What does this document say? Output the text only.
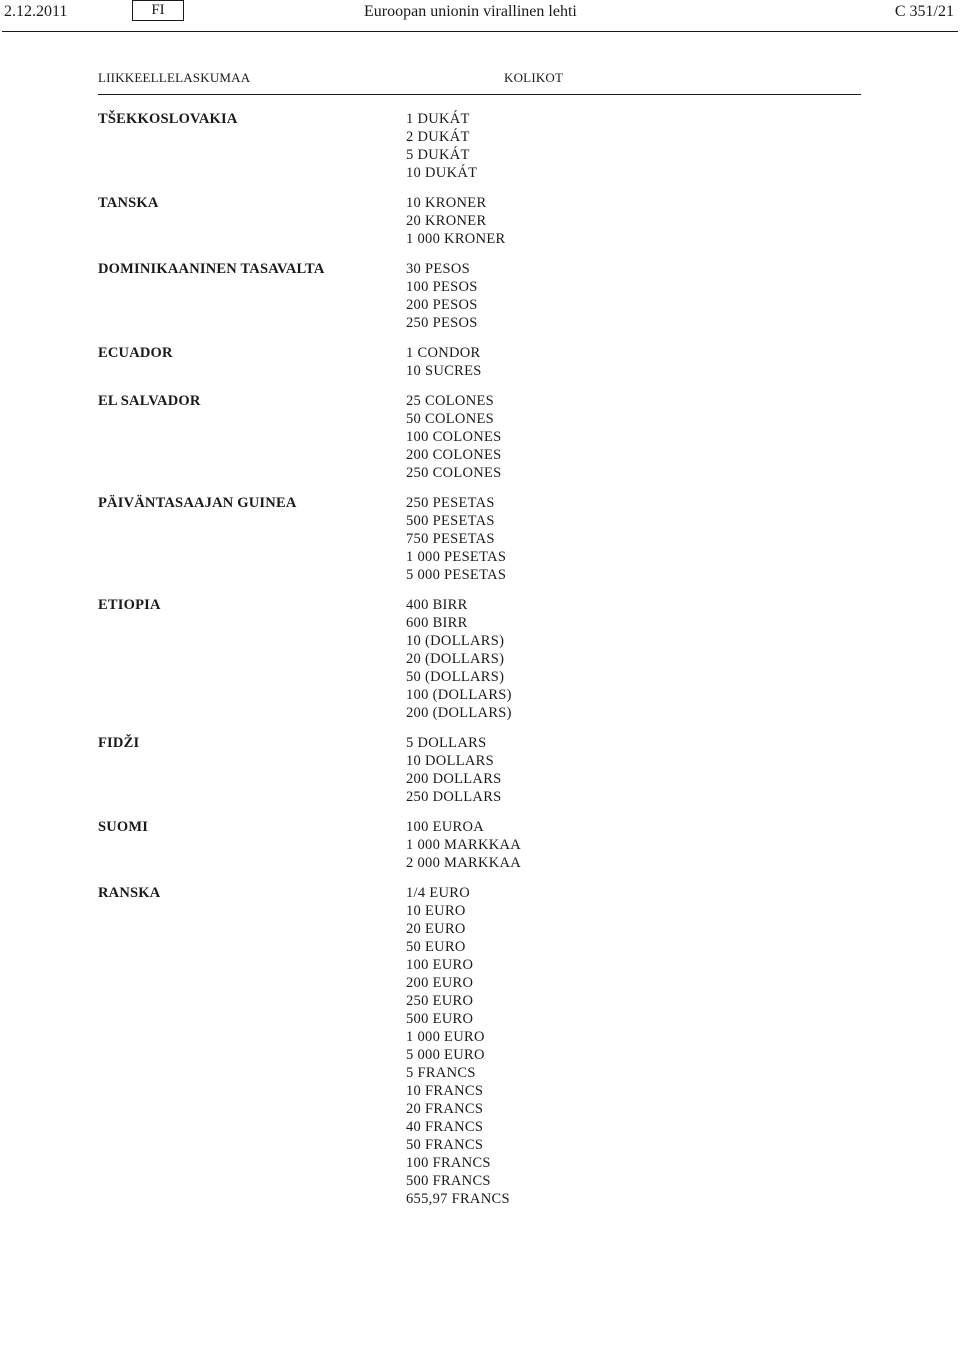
2.12.2011	FI	Euroopan unionin virallinen lehti	C 351/21
LIIKKEELLELASKUMAA	KOLIKOT
TŠEKKOSLOVAKIA	1 DUKÁT
2 DUKÁT
5 DUKÁT
10 DUKÁT
TANSKA	10 KRONER
20 KRONER
1 000 KRONER
DOMINIKAANINEN TASAVALTA	30 PESOS
100 PESOS
200 PESOS
250 PESOS
ECUADOR	1 CONDOR
10 SUCRES
EL SALVADOR	25 COLONES
50 COLONES
100 COLONES
200 COLONES
250 COLONES
PÄIVÄNTASAAJAN GUINEA	250 PESETAS
500 PESETAS
750 PESETAS
1 000 PESETAS
5 000 PESETAS
ETIOPIA	400 BIRR
600 BIRR
10 (DOLLARS)
20 (DOLLARS)
50 (DOLLARS)
100 (DOLLARS)
200 (DOLLARS)
FIDŽI	5 DOLLARS
10 DOLLARS
200 DOLLARS
250 DOLLARS
SUOMI	100 EUROA
1 000 MARKKAA
2 000 MARKKAA
RANSKA	1/4 EURO
10 EURO
20 EURO
50 EURO
100 EURO
200 EURO
250 EURO
500 EURO
1 000 EURO
5 000 EURO
5 FRANCS
10 FRANCS
20 FRANCS
40 FRANCS
50 FRANCS
100 FRANCS
500 FRANCS
655,97 FRANCS
